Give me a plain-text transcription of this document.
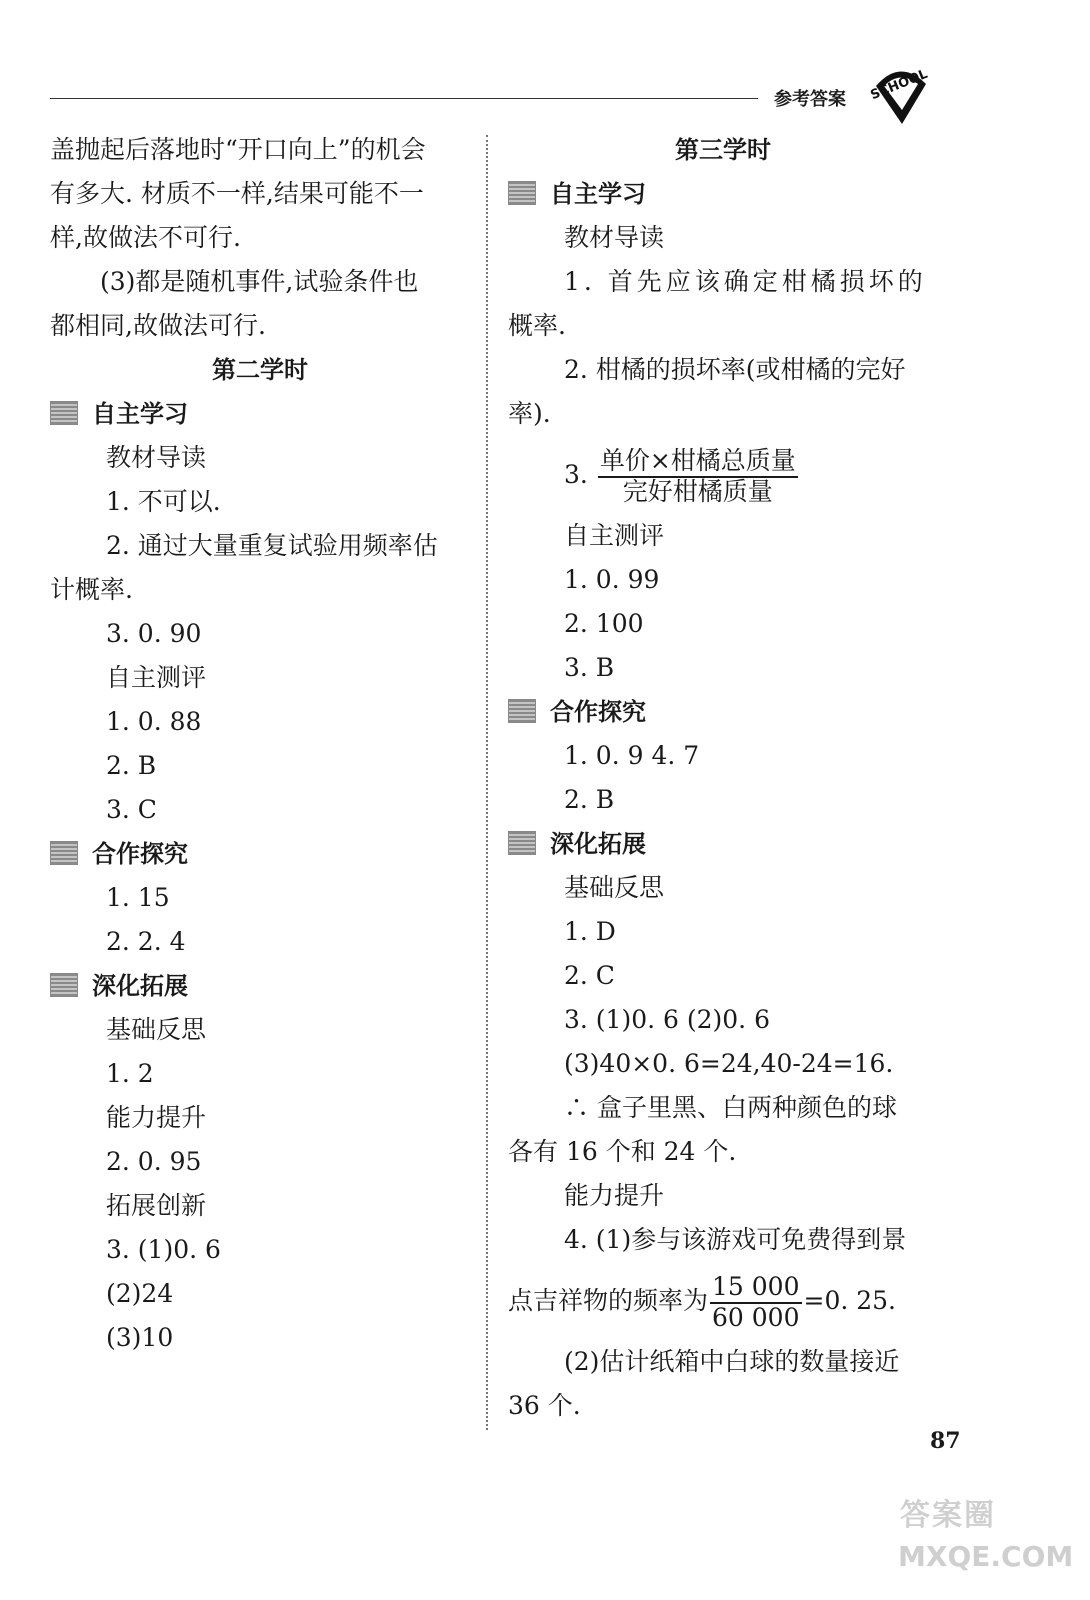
参考答案 SCHOOL
盖抛起后落地时“开口向上”的机会
有多大. 材质不一样,结果可能不一
样,故做法不可行.
(3)都是随机事件,试验条件也
都相同,故做法可行.
第二学时
自主学习
教材导读
1. 不可以.
2. 通过大量重复试验用频率估
计概率.
3. 0. 90
自主测评
1. 0. 88
2. B
3. C
合作探究
1. 15
2. 2. 4
深化拓展
基础反思
1. 2
能力提升
2. 0. 95
拓展创新
3. (1)0. 6
(2)24
(3)10
第三学时
自主学习
教材导读
1. 首先应该确定柑橘损坏的
概率.
2. 柑橘的损坏率(或柑橘的完好
率).
3. $\frac{\text{单价×柑橘总质量}}{\text{完好柑橘质量}}$
自主测评
1. 0. 99
2. 100
3. B
合作探究
1. 0. 9 4. 7
2. B
深化拓展
基础反思
1. D
2. C
3. (1)0. 6 (2)0. 6
(3)40×0. 6=24,40-24=16.
∴ 盒子里黑、白两种颜色的球
各有 16 个和 24 个.
能力提升
4. (1)参与该游戏可免费得到景
点吉祥物的频率为 $\frac{15 000}{60 000} =0$. 25.
(2)估计纸箱中白球的数量接近
36 个.
87
答案圈
MXQE.COM
